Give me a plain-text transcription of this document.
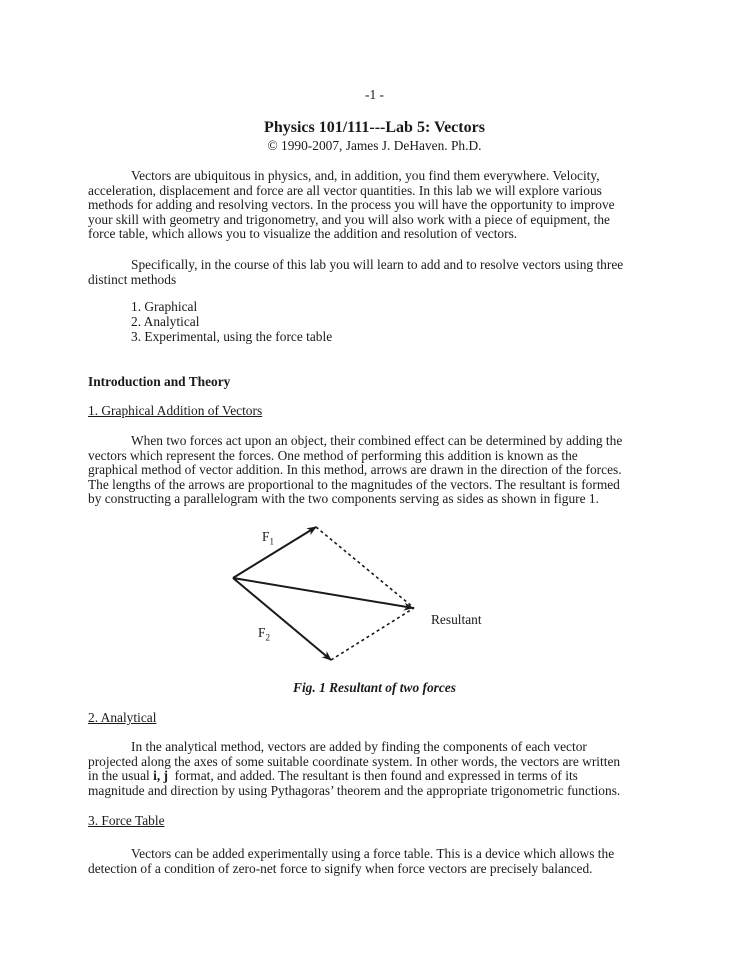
-1 -
Physics 101/111---Lab 5: Vectors
© 1990-2007, James J. DeHaven. Ph.D.
Vectors are ubiquitous in physics, and, in addition, you find them everywhere. Velocity,
acceleration, displacement and force are all vector quantities. In this lab we will explore various
methods for adding and resolving vectors. In the process you will have the opportunity to improve
your skill with geometry and trigonometry, and you will also work with a piece of equipment, the
force table, which allows you to visualize the addition and resolution of vectors.
Specifically, in the course of this lab you will learn to add and to resolve vectors using three
distinct methods
1. Graphical
2. Analytical
3. Experimental, using the force table
Introduction and Theory
1. Graphical Addition of Vectors
When two forces act upon an object, their combined effect can be determined by adding the
vectors which represent the forces. One method of performing this addition is known as the
graphical method of vector addition. In this method, arrows are drawn in the direction of the forces.
The lengths of the arrows are proportional to the magnitudes of the vectors. The resultant is formed
by constructing a parallelogram with the two components serving as sides as shown in figure 1.
$F_1$
$F_2$
Resultant
Fig. 1 Resultant of two forces
2. Analytical
In the analytical method, vectors are added by finding the components of each vector
projected along the axes of some suitable coordinate system. In other words, the vectors are written
in the usual i, j  format, and added. The resultant is then found and expressed in terms of its
magnitude and direction by using Pythagoras’ theorem and the appropriate trigonometric functions.
3. Force Table
Vectors can be added experimentally using a force table. This is a device which allows the
detection of a condition of zero-net force to signify when force vectors are precisely balanced.
